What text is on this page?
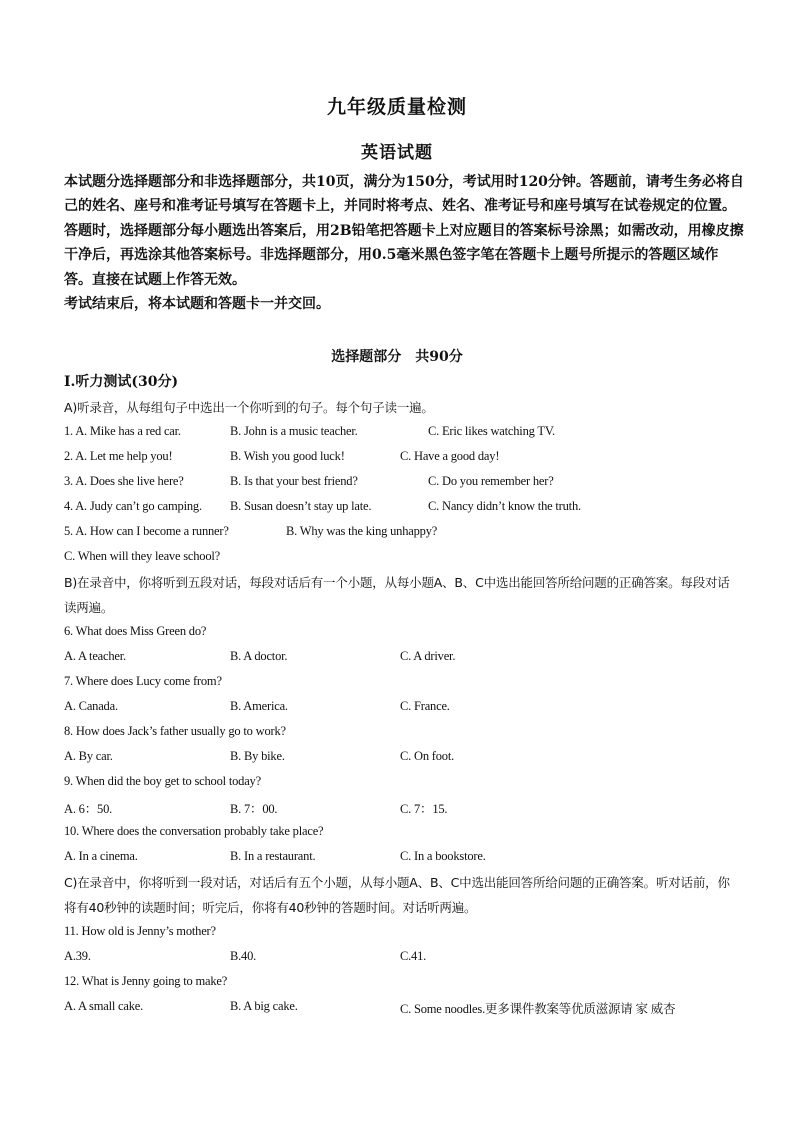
九年级质量检测
英语试题

本试题分选择题部分和非选择题部分，共10页，满分为150分，考试用时120分钟。答题前，请考生务必将自己的姓名、座号和准考证号填写在答题卡上，并同时将考点、姓名、准考证号和座号填写在试卷规定的位置。

答题时，选择题部分每小题选出答案后，用2B铅笔把答题卡上对应题目的答案标号涂黑；如需改动，用橡皮擦干净后，再选涂其他答案标号。非选择题部分，用0.5毫米黑色签字笔在答题卡上题号所提示的答题区域作答。直接在试题上作答无效。

考试结束后，将本试题和答题卡一并交回。

选择题部分　共90分
Ⅰ.听力测试(30分)
A)听录音，从每组句子中选出一个你听到的句子。每个句子读一遍。
1. A. Mike has a red car.	B. John is a music teacher.	C. Eric likes watching TV.
2. A. Let me help you!	B. Wish you good luck!	C. Have a good day!
3. A. Does she live here?	B. Is that your best friend?	C. Do you remember her?
4. A. Judy can’t go camping. B. Susan doesn’t stay up late.	C. Nancy didn’t know the truth.
5. A. How can I become a runner?	B. Why was the king unhappy?
C. When will they leave school?
B)在录音中，你将听到五段对话，每段对话后有一个小题，从每小题A、B、C中选出能回答所给问题的正确答案。每段对话读两遍。
6. What does Miss Green do?
A. A teacher.	B. A doctor.	C. A driver.
7. Where does Lucy come from?
A. Canada.	B. America.	C. France.
8. How does Jack’s father usually go to work?
A. By car.	B. By bike.	C. On foot.
9. When did the boy get to school today?
A. 6：50.	B. 7：00.	C. 7：15.
10. Where does the conversation probably take place?
A. In a cinema.	B. In a restaurant.	C. In a bookstore.
C)在录音中，你将听到一段对话，对话后有五个小题，从每小题A、B、C中选出能回答所给问题的正确答案。听对话前，你将有40秒钟的读题时间；听完后，你将有40秒钟的答题时间。对话听两遍。
11. How old is Jenny’s mother?
A.39.	B.40.	C.41.
12. What is Jenny going to make?
A. A small cake.	B. A big cake.	C. Some noodles.更多课件教案等优质滋源请 家 威杏
